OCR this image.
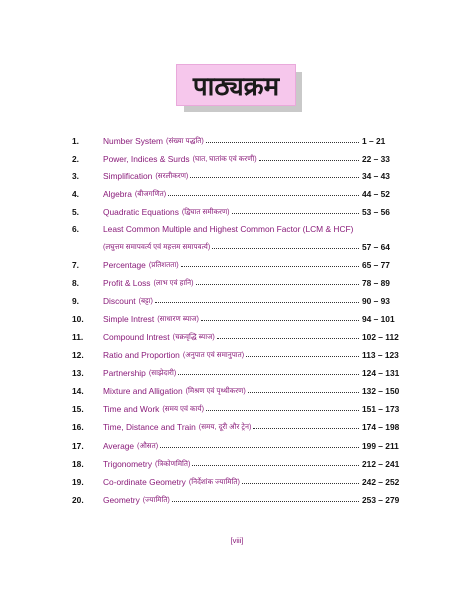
पाठ्यक्रम
1.	Number System (संख्या पद्धति)	1 – 21
2.	Power, Indices & Surds (घात, घातांक एवं करणी)	22 – 33
3.	Simplification (सरलीकरण)	34 – 43
4.	Algebra (बीजगणित)	44 – 52
5.	Quadratic Equations (द्विघात समीकरण)	53 – 56
6.	Least Common Multiple and Highest Common Factor (LCM & HCF)
(लघुत्तम समापवर्त्य एवं महत्तम समापवर्त्य)	57 – 64
7.	Percentage (प्रतिशतता)	65 – 77
8.	Profit & Loss (लाभ एवं हानि)	78 – 89
9.	Discount (बट्टा)	90 – 93
10.	Simple Intrest (साधारण ब्याज)	94 – 101
11.	Compound Intrest (चक्रवृद्धि ब्याज)	102 – 112
12.	Ratio and Proportion (अनुपात एवं समानुपात)	113 – 123
13.	Partnership (साझेदारी)	124 – 131
14.	Mixture and Alligation (मिश्रण एवं पृथ्थीकरण)	132 – 150
15.	Time and Work (समय एवं कार्य)	151 – 173
16.	Time, Distance and Train (समय, दूरी और ट्रेन)	174 – 198
17.	Average (औसत)	199 – 211
18.	Trigonometry (त्रिकोणमिति)	212 – 241
19.	Co-ordinate Geometry (निर्देशांक ज्यामिति)	242 – 252
20.	Geometry (ज्यामिति)	253 – 279
[viii]
